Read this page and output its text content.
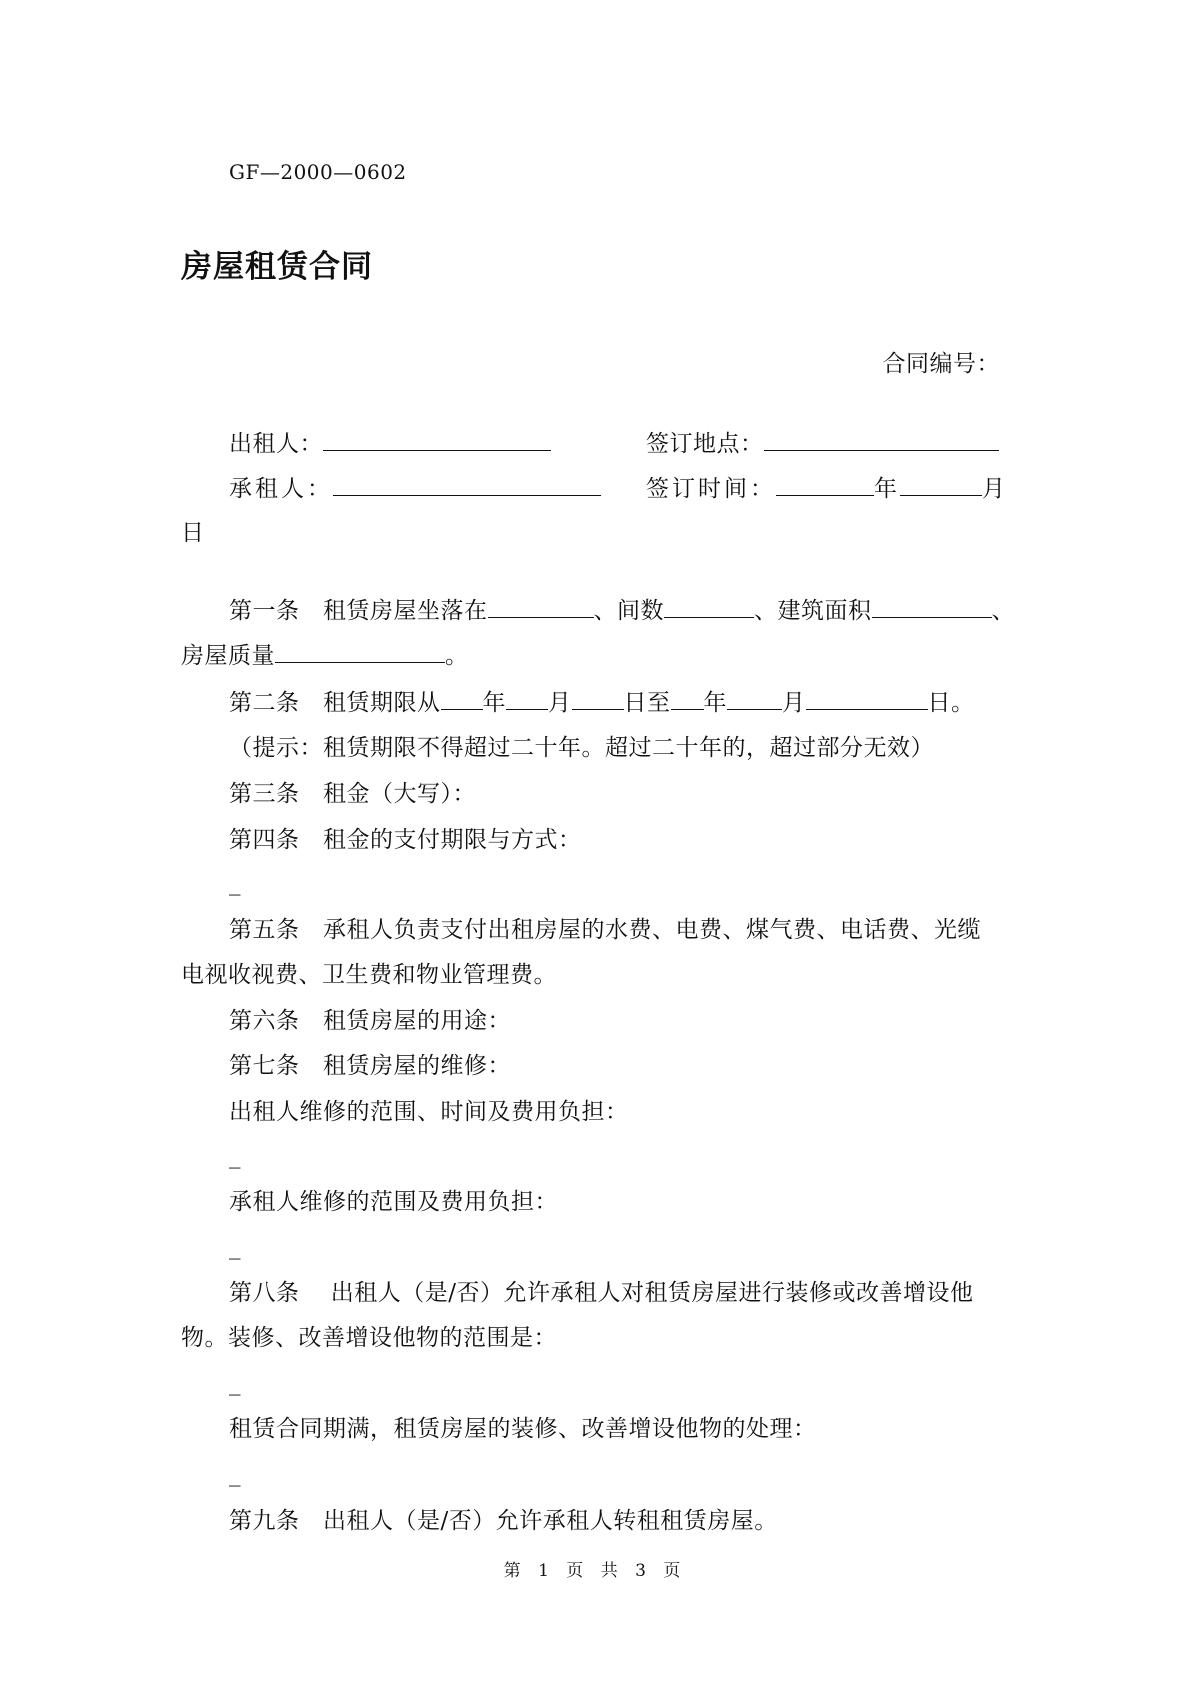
GF—2000—0602
房屋租赁合同
合同编号：
出租人：	签订地点：
承租人：	签订时间：	年	月
日
第一条　 租赁房屋坐落在	、间数	、建筑面积	、
房屋质量	。
第二条　 租赁期限从 年 月 日至 年 月	日。
（提示：租赁期限不得超过二十年。超过二十年的，超过部分无效）
第三条　租金（大写）：
第四条　租金的支付期限与方式：
_
第五条　承租人负责支付出租房屋的水费、电费、煤气费、电话费、光缆
电视收视费、卫生费和物业管理费。
第六条　租赁房屋的用途：
第七条　租赁房屋的维修：
出租人维修的范围、时间及费用负担：
_
承租人维修的范围及费用负担：
_
第八条　 出租人（是/否）允许承租人对租赁房屋进行装修或改善增设他
物。装修、改善增设他物的范围是：
_
租赁合同期满，租赁房屋的装修、改善增设他物的处理：
_
第九条　出租人（是/否）允许承租人转租租赁房屋。
第 1 页 共 3 页
